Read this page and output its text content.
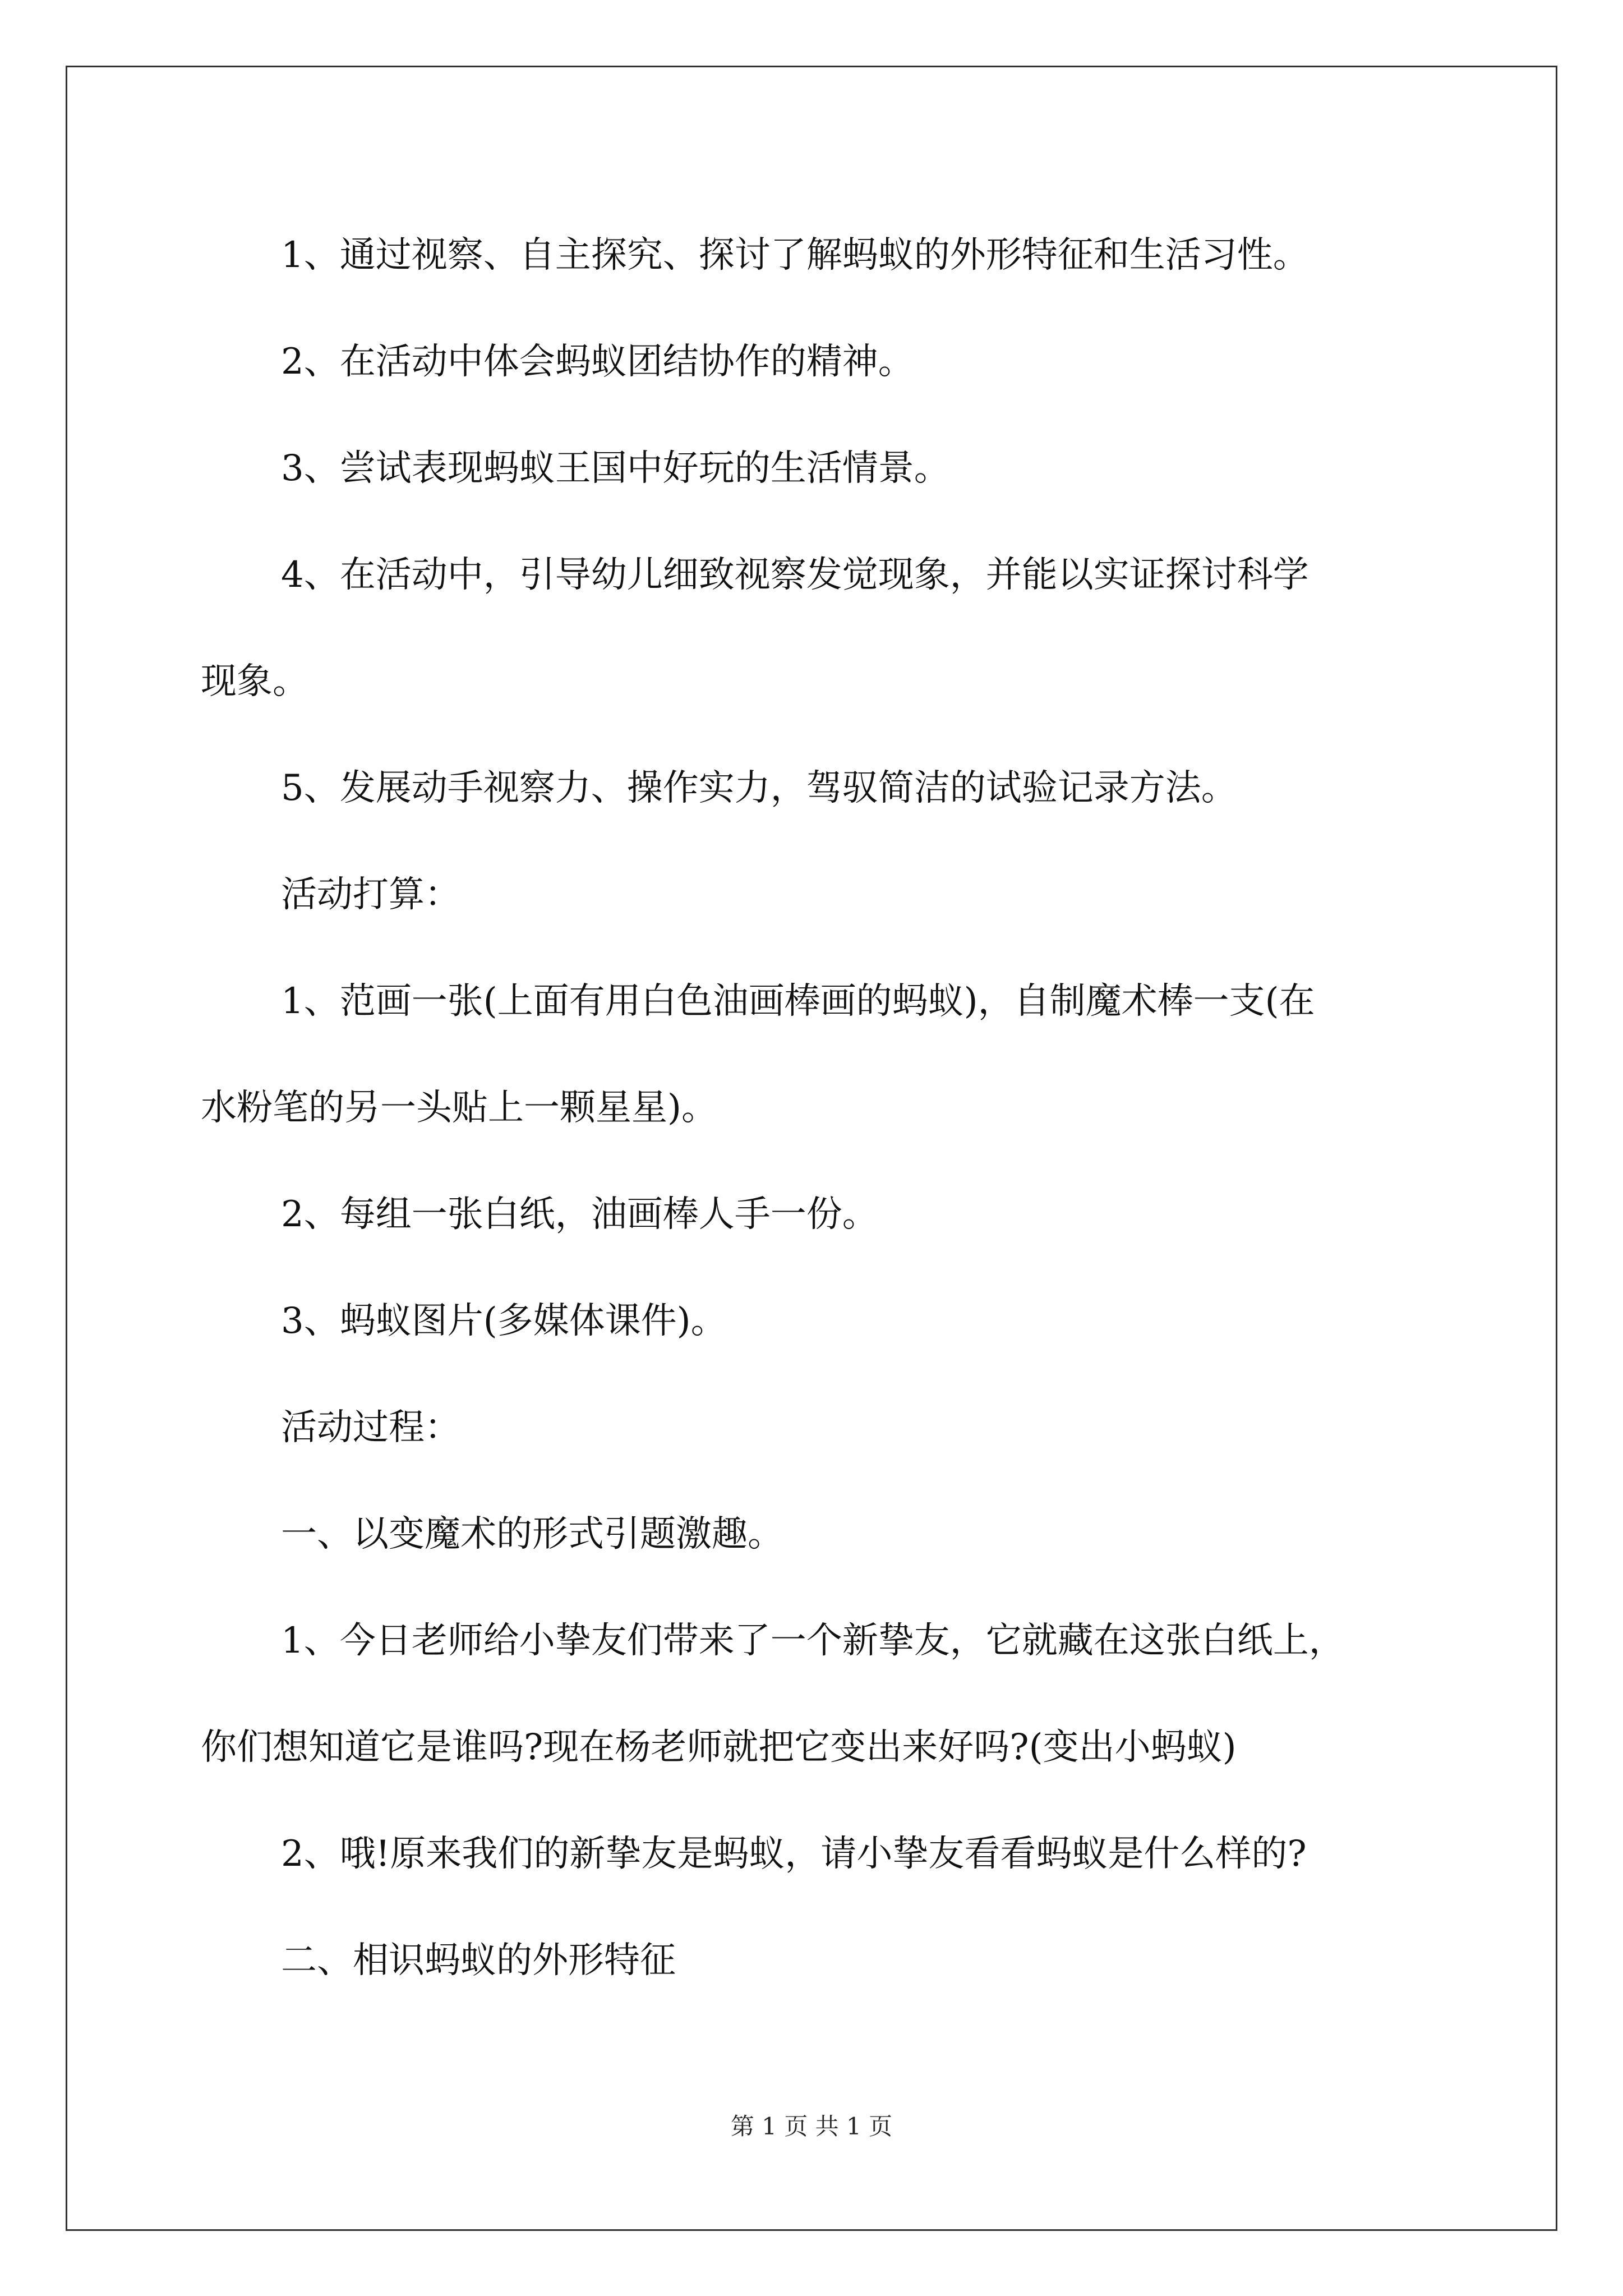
1、通过视察、自主探究、探讨了解蚂蚁的外形特征和生活习性。

2、在活动中体会蚂蚁团结协作的精神。

3、尝试表现蚂蚁王国中好玩的生活情景。

4、在活动中，引导幼儿细致视察发觉现象，并能以实证探讨科学

现象。

5、发展动手视察力、操作实力，驾驭简洁的试验记录方法。

活动打算：

1、范画一张(上面有用白色油画棒画的蚂蚁)，自制魔术棒一支(在

水粉笔的另一头贴上一颗星星)。

2、每组一张白纸，油画棒人手一份。

3、蚂蚁图片(多媒体课件)。

活动过程：

一、以变魔术的形式引题激趣。

1、今日老师给小挚友们带来了一个新挚友，它就藏在这张白纸上，

你们想知道它是谁吗?现在杨老师就把它变出来好吗?(变出小蚂蚁)

2、哦!原来我们的新挚友是蚂蚁，请小挚友看看蚂蚁是什么样的?

二、相识蚂蚁的外形特征

第 1 页 共 1 页
